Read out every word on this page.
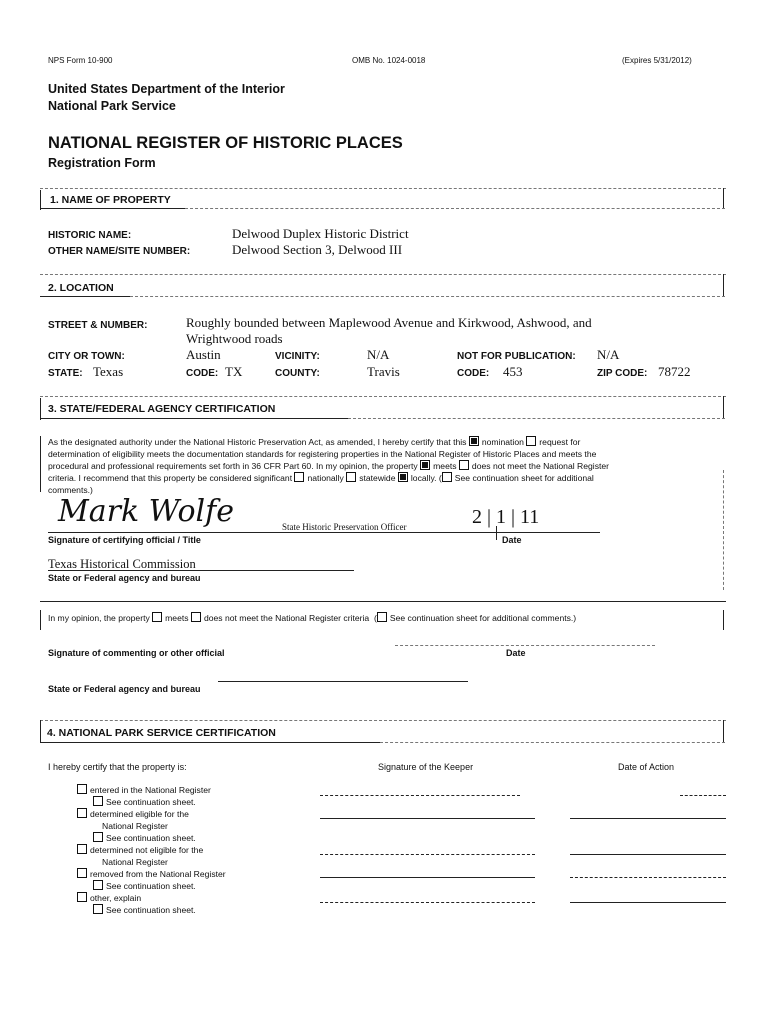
NPS Form 10-900	OMB No. 1024-0018	(Expires 5/31/2012)
United States Department of the Interior
National Park Service
NATIONAL REGISTER OF HISTORIC PLACES
Registration Form
1. NAME OF PROPERTY
HISTORIC NAME:	Delwood Duplex Historic District
OTHER NAME/SITE NUMBER:	Delwood Section 3, Delwood III
2. LOCATION
STREET & NUMBER:	Roughly bounded between Maplewood Avenue and Kirkwood, Ashwood, and
Wrightwood roads
CITY OR TOWN:	Austin	VICINITY:	N/A	NOT FOR PUBLICATION: N/A
STATE: Texas	CODE: TX	COUNTY:	Travis	CODE: 453	ZIP CODE: 78722
3. STATE/FEDERAL AGENCY CERTIFICATION
As the designated authority under the National Historic Preservation Act, as amended, I hereby certify that this nomination request for
determination of eligibility meets the documentation standards for registering properties in the National Register of Historic Places and meets the
procedural and professional requirements set forth in 36 CFR Part 60. In my opinion, the property meets does not meet the National Register
criteria. I recommend that this property be considered significant nationally statewide locally. ( See continuation sheet for additional
comments.)
Mark Wolfe	State Historic Preservation Officer	2 | 1 | 11
Signature of certifying official / Title	Date
Texas Historical Commission
State or Federal agency and bureau
In my opinion, the property meets does not meet the National Register criteria  ( See continuation sheet for additional comments.)
Signature of commenting or other official	Date
State or Federal agency and bureau
4. NATIONAL PARK SERVICE CERTIFICATION
I hereby certify that the property is:	Signature of the Keeper	Date of Action
entered in the National Register
See continuation sheet.
determined eligible for the
National Register
See continuation sheet.
determined not eligible for the
National Register
removed from the National Register
See continuation sheet.
other, explain
See continuation sheet.
